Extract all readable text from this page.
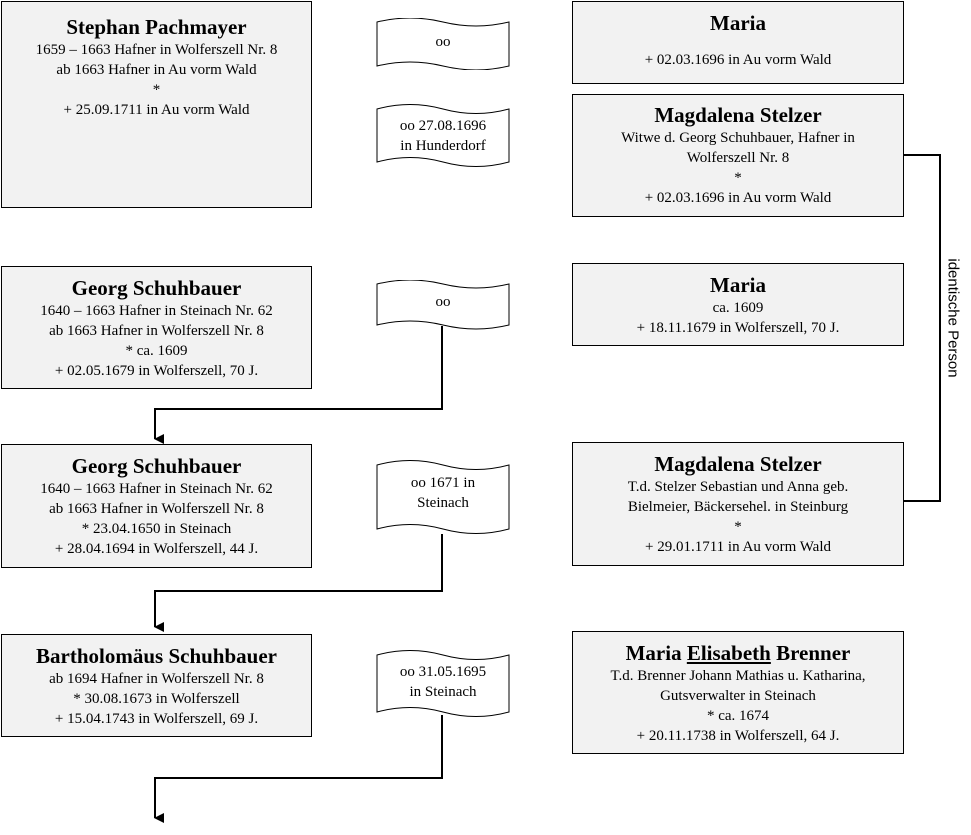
Stephan Pachmayer
1659 – 1663 Hafner in Wolferszell Nr. 8
ab 1663 Hafner in Au vorm Wald
*
+ 25.09.1711 in Au vorm Wald
Maria
+ 02.03.1696 in Au vorm Wald
Magdalena Stelzer
Witwe d. Georg Schuhbauer, Hafner in
Wolferszell Nr. 8
*
+ 02.03.1696 in Au vorm Wald
Georg Schuhbauer
1640 – 1663 Hafner in Steinach Nr. 62
ab 1663 Hafner in Wolferszell Nr. 8
* ca. 1609
+ 02.05.1679 in Wolferszell, 70 J.
Maria
ca. 1609
+ 18.11.1679 in Wolferszell, 70 J.
Georg Schuhbauer
1640 – 1663 Hafner in Steinach Nr. 62
ab 1663 Hafner in Wolferszell Nr. 8
* 23.04.1650 in Steinach
+ 28.04.1694 in Wolferszell, 44 J.
Magdalena Stelzer
T.d. Stelzer Sebastian und Anna geb.
Bielmeier, Bäckersehel. in Steinburg
*
+ 29.01.1711 in Au vorm Wald
Bartholomäus Schuhbauer
ab 1694 Hafner in Wolferszell Nr. 8
* 30.08.1673 in Wolferszell
+ 15.04.1743 in Wolferszell, 69 J.
Maria Elisabeth Brenner
T.d. Brenner Johann Mathias u. Katharina,
Gutsverwalter in Steinach
* ca. 1674
+ 20.11.1738 in Wolferszell, 64 J.
oo
oo 27.08.1696
in Hunderdorf
oo
oo 1671 in
Steinach
oo 31.05.1695
in Steinach
identische Person
